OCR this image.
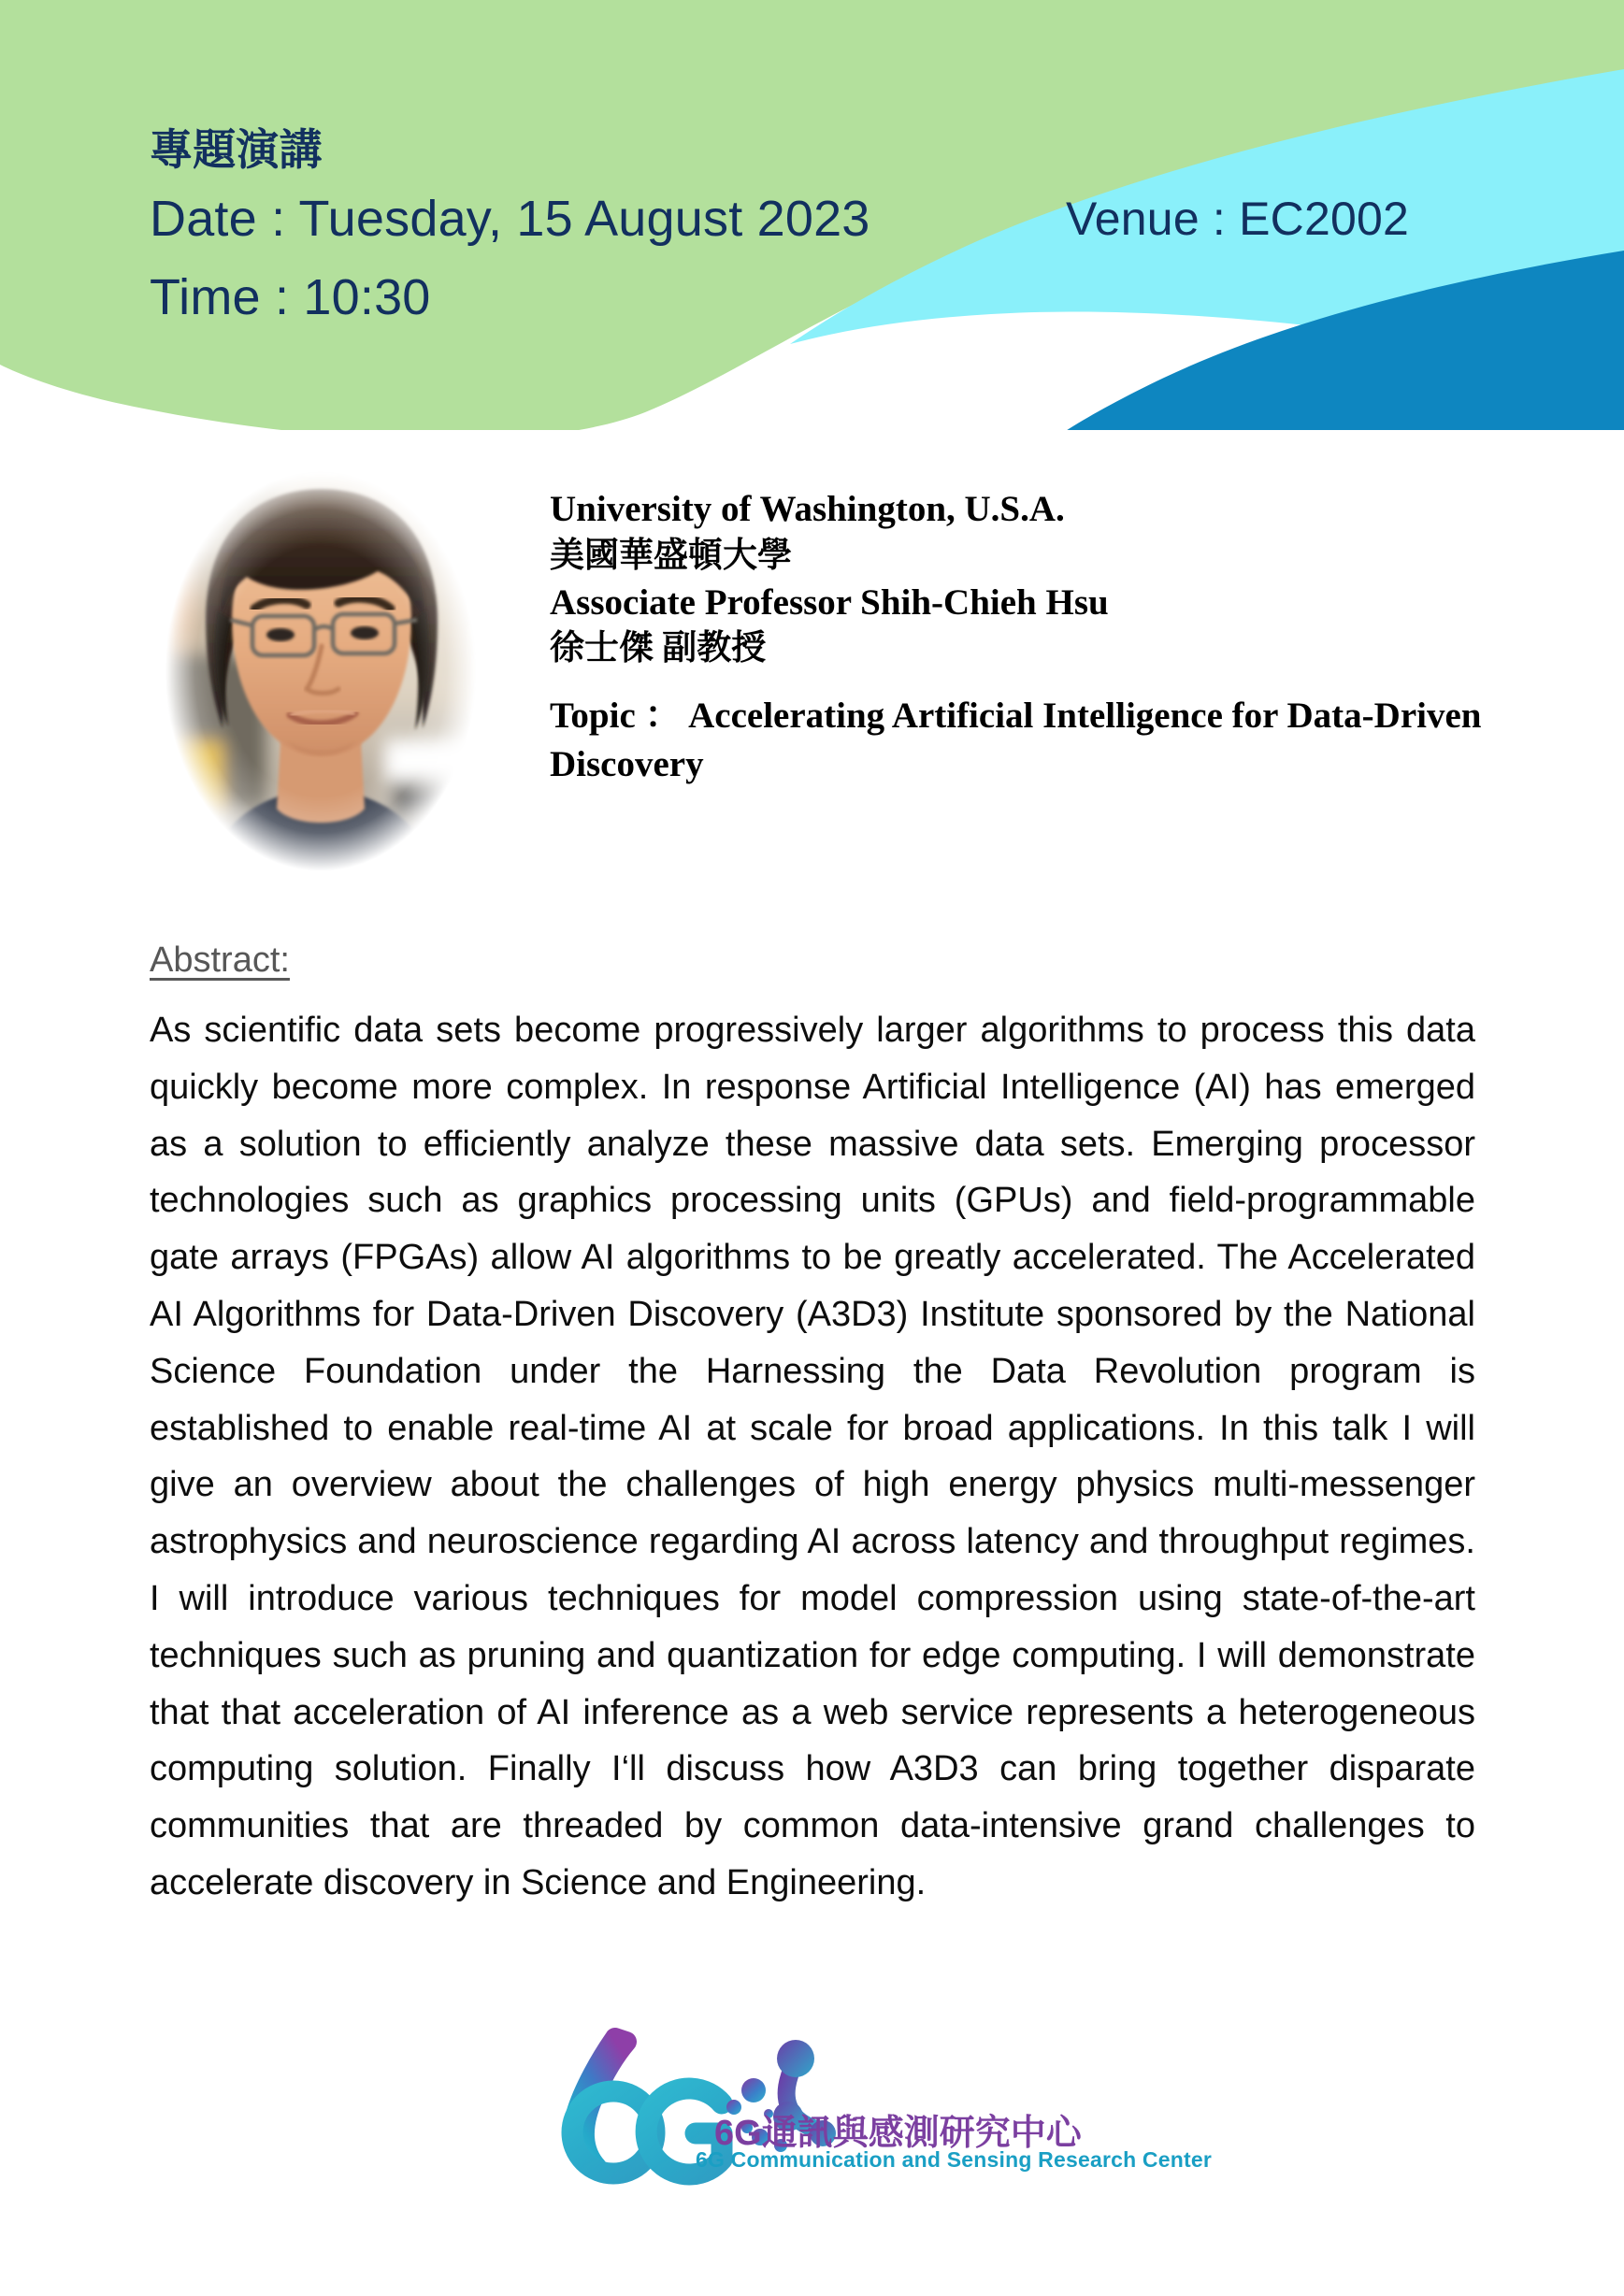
專題演講
Date : Tuesday, 15 August 2023
Time : 10:30
Venue : EC2002
University of Washington, U.S.A.
美國華盛頓大學
Associate Professor Shih-Chieh Hsu
徐士傑 副教授
Topic ： Accelerating Artificial Intelligence for Data-Driven Discovery
Abstract:
As scientific data sets become progressively larger algorithms to process this data quickly become more complex. In response Artificial Intelligence (AI) has emerged as a solution to efficiently analyze these massive data sets. Emerging processor technologies such as graphics processing units (GPUs) and field-programmable gate arrays (FPGAs) allow AI algorithms to be greatly accelerated. The Accelerated AI Algorithms for Data-Driven Discovery (A3D3) Institute sponsored by the National Science Foundation under the Harnessing the Data Revolution program is established to enable real-time AI at scale for broad applications. In this talk I will give an overview about the challenges of high energy physics multi-messenger astrophysics and neuroscience regarding AI across latency and throughput regimes. I will introduce various techniques for model compression using state-of-the-art techniques such as pruning and quantization for edge computing. I will demonstrate that that acceleration of AI inference as a web service represents a heterogeneous computing solution. Finally I‘ll discuss how A3D3 can bring together disparate communities that are threaded by common data-intensive grand challenges to accelerate discovery in Science and Engineering.
6G通訊與感測研究中心
6G Communication and Sensing Research Center
